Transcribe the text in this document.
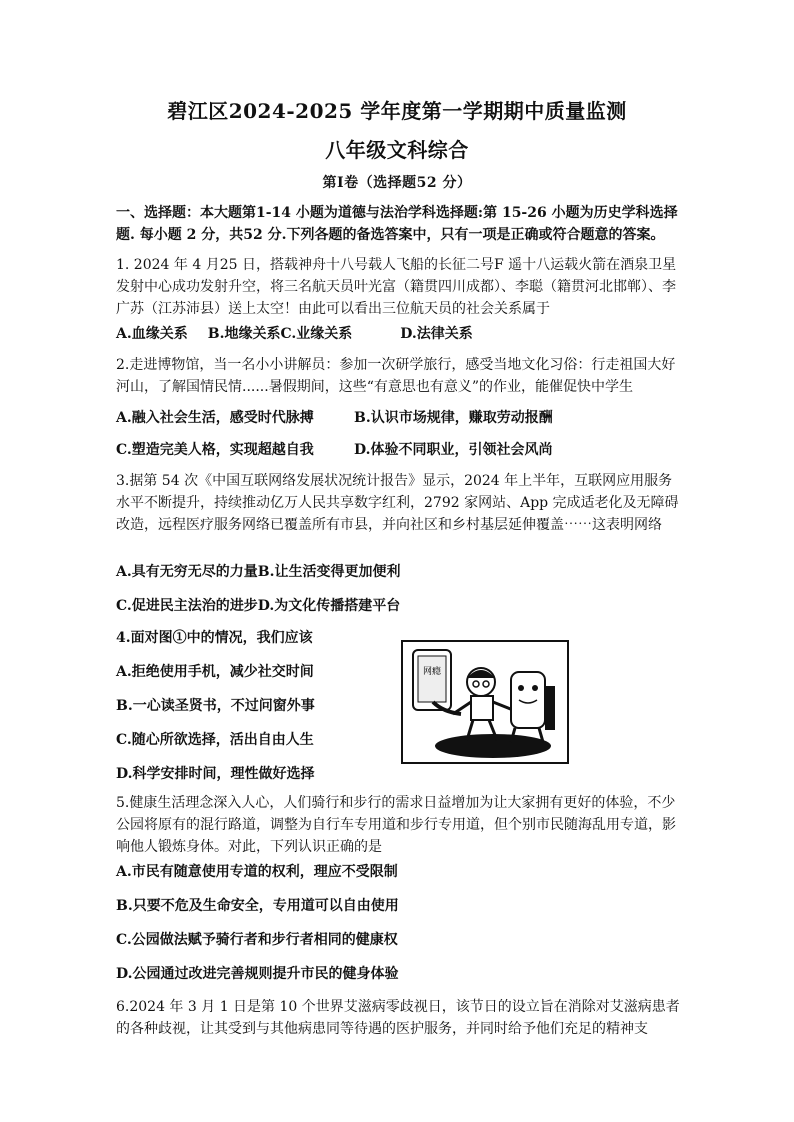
碧江区2024-2025 学年度第一学期期中质量监测
八年级文科综合
第Ⅰ卷（选择题52 分）
一、选择题：本大题第1-14 小题为道德与法治学科选择题:第 15-26 小题为历史学科选择题. 每小题 2 分，共52 分.下列各题的备选答案中，只有一项是正确或符合题意的答案。
1. 2024 年 4 月25 日，搭载神舟十八号载人飞船的长征二号F 遥十八运载火箭在酒泉卫星发射中心成功发射升空，将三名航天员叶光富（籍贯四川成都）、李聪（籍贯河北邯郸）、李广苏（江苏沛县）送上太空！由此可以看出三位航天员的社会关系属于
A.血缘关系 B.地缘关系C.业缘关系	D.法律关系
2.走进博物馆，当一名小小讲解员：参加一次研学旅行，感受当地文化习俗：行走祖国大好 河山，了解国情民情......暑假期间，这些“有意思也有意义”的作业，能催促快中学生
A.融入社会生活，感受时代脉搏	B.认识市场规律，赚取劳动报酬
C.塑造完美人格，实现超越自我	D.体验不同职业，引领社会风尚
3.据第 54 次《中国互联网络发展状况统计报告》显示，2024 年上半年，互联网应用服务水平不断提升，持续推动亿万人民共享数字红利，2792 家网站、App 完成适老化及无障碍改造，远程医疗服务网络已覆盖所有市县，并向社区和乡村基层延伸覆盖⋯⋯这表明网络
A.具有无穷无尽的力量B.让生活变得更加便利
C.促进民主法治的进步D.为文化传播搭建平台
4.面对图①中的情况，我们应该
A.拒绝使用手机，减少社交时间
B.一心读圣贤书，不过问窗外事
C.随心所欲选择，活出自由人生
D.科学安排时间，理性做好选择
网瘾
5.健康生活理念深入人心，人们骑行和步行的需求日益增加为让大家拥有更好的体验，不少公园将原有的混行路道，调整为自行车专用道和步行专用道，但个别市民随海乱用专道，影响他人锻炼身体。对此，下列认识正确的是
A.市民有随意使用专道的权利，理应不受限制
B.只要不危及生命安全，专用道可以自由使用
C.公园做法赋予骑行者和步行者相同的健康权
D.公园通过改进完善规则提升市民的健身体验
6.2024 年 3 月 1 日是第 10 个世界艾滋病零歧视日，该节日的设立旨在消除对艾滋病患者的各种歧视，让其受到与其他病患同等待遇的医护服务，并同时给予他们充足的精神支
